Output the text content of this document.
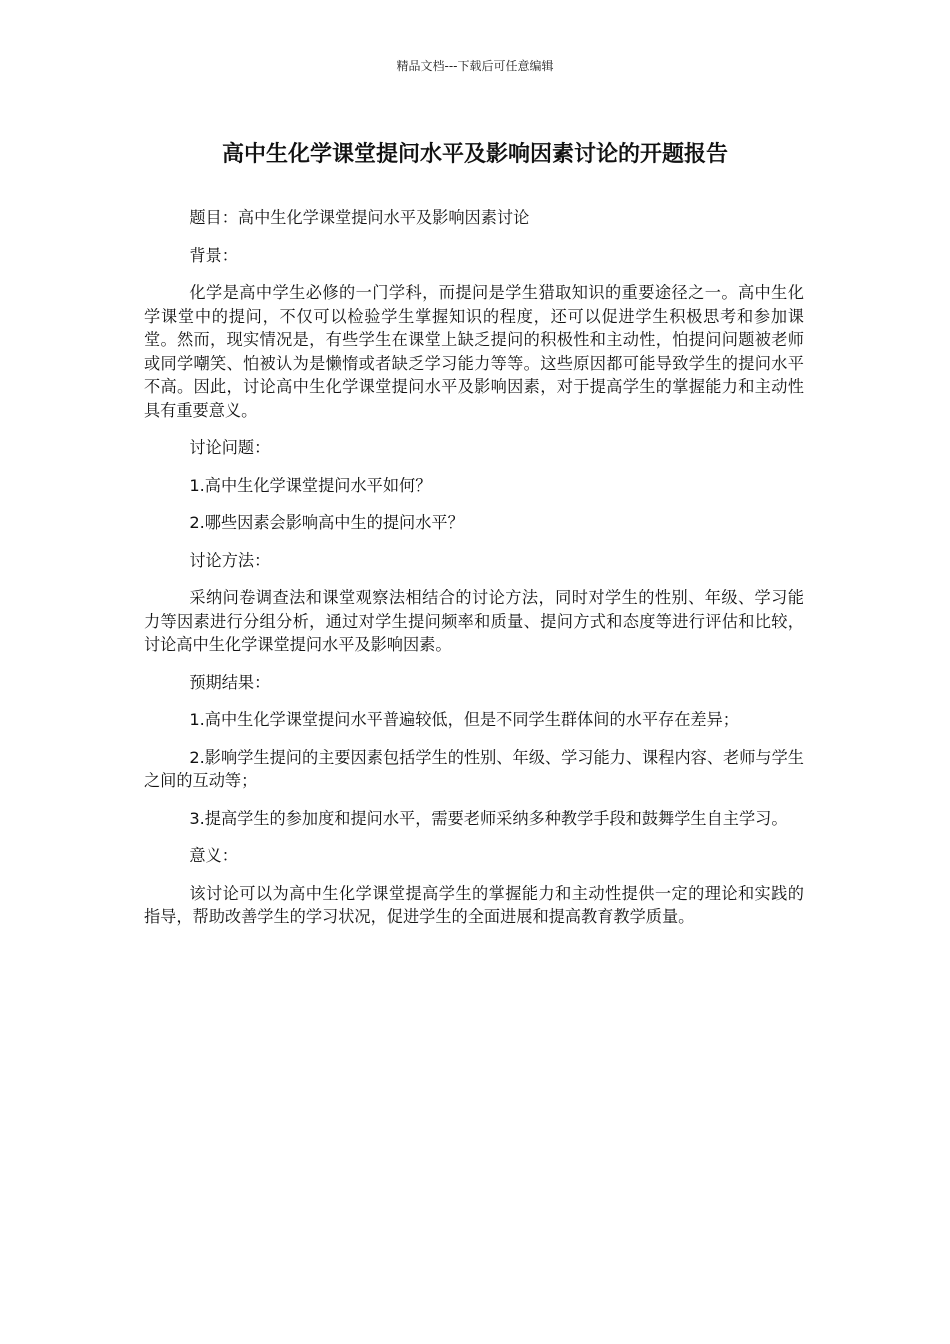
精品文档---下载后可任意编辑
高中生化学课堂提问水平及影响因素讨论的开题报告

题目：高中生化学课堂提问水平及影响因素讨论

背景：

化学是高中学生必修的一门学科，而提问是学生猎取知识的重要途径之一。高中生化学课堂中的提问，不仅可以检验学生掌握知识的程度，还可以促进学生积极思考和参加课堂。然而，现实情况是，有些学生在课堂上缺乏提问的积极性和主动性，怕提问问题被老师或同学嘲笑、怕被认为是懒惰或者缺乏学习能力等等。这些原因都可能导致学生的提问水平不高。因此，讨论高中生化学课堂提问水平及影响因素，对于提高学生的掌握能力和主动性具有重要意义。

讨论问题：

1.高中生化学课堂提问水平如何？

2.哪些因素会影响高中生的提问水平？

讨论方法：

采纳问卷调查法和课堂观察法相结合的讨论方法，同时对学生的性别、年级、学习能力等因素进行分组分析，通过对学生提问频率和质量、提问方式和态度等进行评估和比较，讨论高中生化学课堂提问水平及影响因素。

预期结果：

1.高中生化学课堂提问水平普遍较低，但是不同学生群体间的水平存在差异；

2.影响学生提问的主要因素包括学生的性别、年级、学习能力、课程内容、老师与学生之间的互动等；

3.提高学生的参加度和提问水平，需要老师采纳多种教学手段和鼓舞学生自主学习。

意义：

该讨论可以为高中生化学课堂提高学生的掌握能力和主动性提供一定的理论和实践的指导，帮助改善学生的学习状况，促进学生的全面进展和提高教育教学质量。
